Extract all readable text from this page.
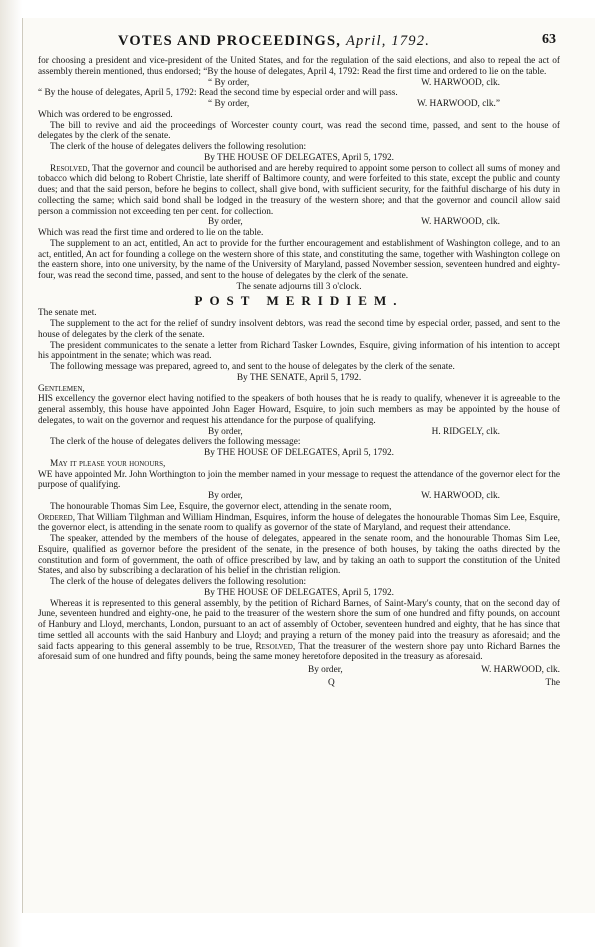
VOTES AND PROCEEDINGS, April, 1792.	63

for choosing a president and vice-president of the United States, and for the regulation of the said elections, and also to repeal the act of assembly therein mentioned, thus endorsed; “By the house of delegates, April 4, 1792: Read the first time and ordered to lie on the table.

“ By order,	W. HARWOOD, clk.

“ By the house of delegates, April 5, 1792: Read the second time by especial order and will pass.

“ By order,	W. HARWOOD, clk.”

Which was ordered to be engrossed.

The bill to revive and aid the proceedings of Worcester county court, was read the second time, passed, and sent to the house of delegates by the clerk of the senate.

The clerk of the house of delegates delivers the following resolution:

By THE HOUSE OF DELEGATES, April 5, 1792.

Resolved, That the governor and council be authorised and are hereby required to appoint some person to collect all sums of money and tobacco which did belong to Robert Christie, late sheriff of Baltimore county, and were forfeited to this state, except the public and county dues; and that the said person, before he begins to collect, shall give bond, with sufficient security, for the faithful discharge of his duty in collecting the same; which said bond shall be lodged in the treasury of the western shore; and that the governor and council allow said person a commission not exceeding ten per cent. for collection.

By order,	W. HARWOOD, clk.

Which was read the first time and ordered to lie on the table.

The supplement to an act, entitled, An act to provide for the further encouragement and establishment of Washington college, and to an act, entitled, An act for founding a college on the western shore of this state, and constituting the same, together with Washington college on the eastern shore, into one university, by the name of the University of Maryland, passed November session, seventeen hundred and eighty-four, was read the second time, passed, and sent to the house of delegates by the clerk of the senate.

The senate adjourns till 3 o'clock.
POST MERIDIEM.

The senate met.

The supplement to the act for the relief of sundry insolvent debtors, was read the second time by especial order, passed, and sent to the house of delegates by the clerk of the senate.

The president communicates to the senate a letter from Richard Tasker Lowndes, Esquire, giving information of his intention to accept his appointment in the senate; which was read.

The following message was prepared, agreed to, and sent to the house of delegates by the clerk of the senate.

By THE SENATE, April 5, 1792.

Gentlemen,

HIS excellency the governor elect having notified to the speakers of both houses that he is ready to qualify, whenever it is agreeable to the general assembly, this house have appointed John Eager Howard, Esquire, to join such members as may be appointed by the house of delegates, to wait on the governor and request his attendance for the purpose of qualifying.

By order,	H. RIDGELY, clk.

The clerk of the house of delegates delivers the following message:

By THE HOUSE OF DELEGATES, April 5, 1792.

May it please your honours,

WE have appointed Mr. John Worthington to join the member named in your message to request the attendance of the governor elect for the purpose of qualifying.

By order,	W. HARWOOD, clk.

The honourable Thomas Sim Lee, Esquire, the governor elect, attending in the senate room,

Ordered, That William Tilghman and William Hindman, Esquires, inform the house of delegates the honourable Thomas Sim Lee, Esquire, the governor elect, is attending in the senate room to qualify as governor of the state of Maryland, and request their attendance.

The speaker, attended by the members of the house of delegates, appeared in the senate room, and the honourable Thomas Sim Lee, Esquire, qualified as governor before the president of the senate, in the presence of both houses, by taking the oaths directed by the constitution and form of government, the oath of office prescribed by law, and by taking an oath to support the constitution of the United States, and also by subscribing a declaration of his belief in the christian religion.

The clerk of the house of delegates delivers the following resolution:

By THE HOUSE OF DELEGATES, April 5, 1792.

Whereas it is represented to this general assembly, by the petition of Richard Barnes, of Saint-Mary's county, that on the second day of June, seventeen hundred and eighty-one, he paid to the treasurer of the western shore the sum of one hundred and fifty pounds, on account of Hanbury and Lloyd, merchants, London, pursuant to an act of assembly of October, seventeen hundred and eighty, that he has since that time settled all accounts with the said Hanbury and Lloyd; and praying a return of the money paid into the treasury as aforesaid; and the said facts appearing to this general assembly to be true, Resolved, That the treasurer of the western shore pay unto Richard Barnes the aforesaid sum of one hundred and fifty pounds, being the same money heretofore deposited in the treasury as aforesaid.

By order,	W. HARWOOD, clk.
Q	The
